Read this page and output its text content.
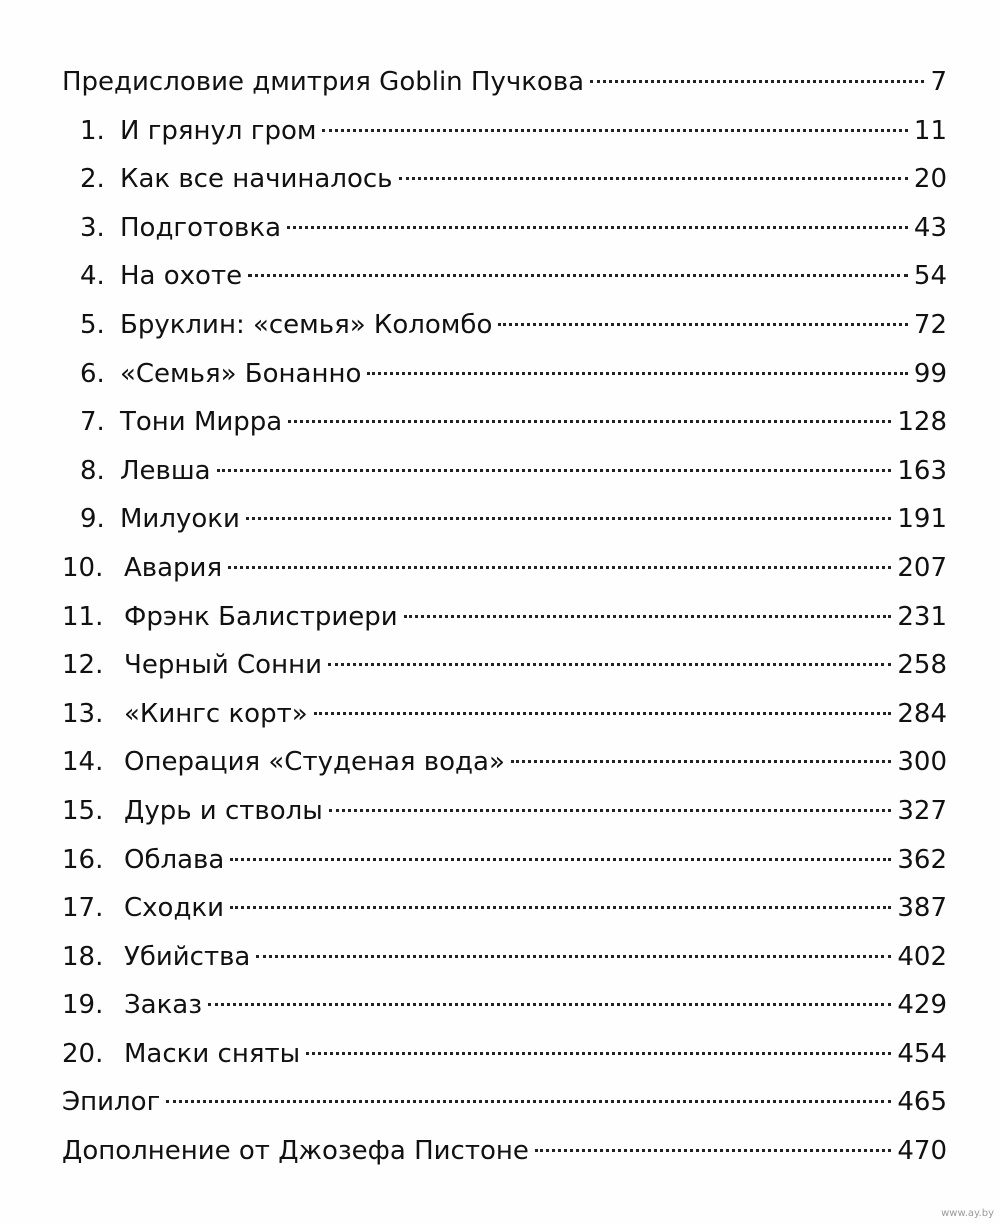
Предисловие дмитрия Goblin Пучкова	7
1. И грянул гром	11
2. Как все начиналось	20
3. Подготовка	43
4. На охоте	54
5. Бруклин: «семья» Коломбо	72
6. «Семья» Бонанно	99
7. Тони Мирра	128
8. Левша	163
9. Милуоки	191
10. Авария	207
11. Фрэнк Балистриери	231
12. Черный Сонни	258
13. «Кингс корт»	284
14. Операция «Студеная вода»	300
15. Дурь и стволы	327
16. Облава	362
17. Сходки	387
18. Убийства	402
19. Заказ	429
20. Маски сняты	454
Эпилог	465
Дополнение от Джозефа Пистоне	470
www.ay.by
